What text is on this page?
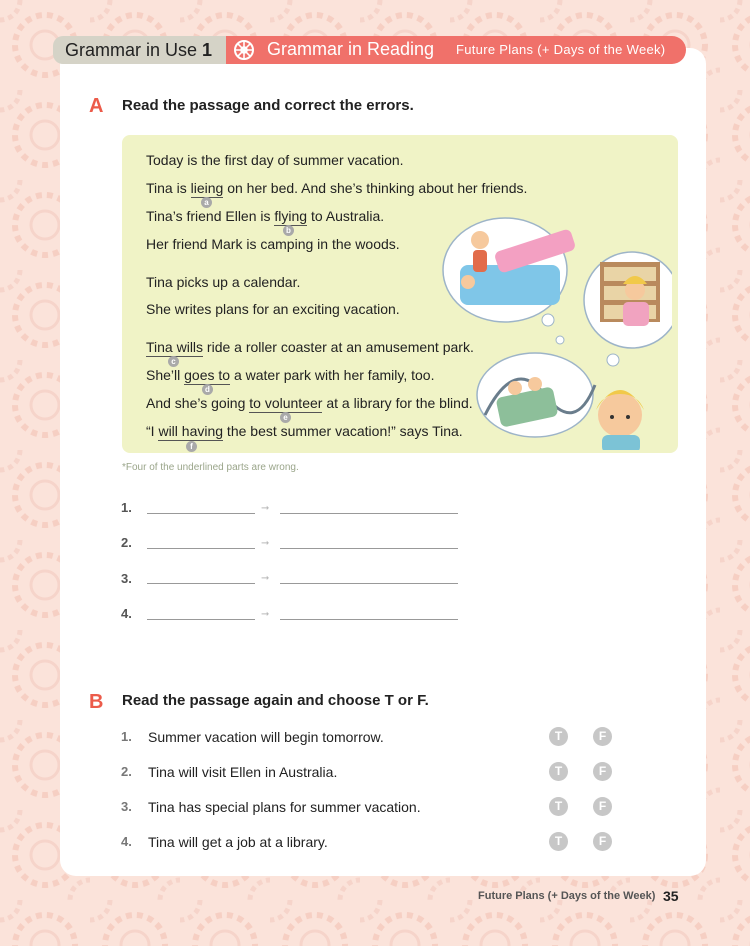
Grammar in Use 1	Grammar in Reading Future Plans (+ Days of the Week)
A Read the passage and correct the errors.
Today is the first day of summer vacation.
Tina is lieing on her bed. And she’s thinking about her friends.
Tina’s friend Ellen is flying to Australia.
Her friend Mark is camping in the woods.
Tina picks up a calendar.
She writes plans for an exciting vacation.
Tina wills ride a roller coaster at an amusement park.
She’ll goes to a water park with her family, too.
And she’s going to volunteer at a library for the blind.
“I will having the best summer vacation!” says Tina.
a
b
c
d
e
f
*Four of the underlined parts are wrong.
1.	➞
2.	➞
3.	➞
4.	➞
B Read the passage again and choose T or F.
1. Summer vacation will begin tomorrow.	T	F
2. Tina will visit Ellen in Australia.	T	F
3. Tina has special plans for summer vacation.	T	F
4. Tina will get a job at a library.	T	F
Future Plans (+ Days of the Week) 35
